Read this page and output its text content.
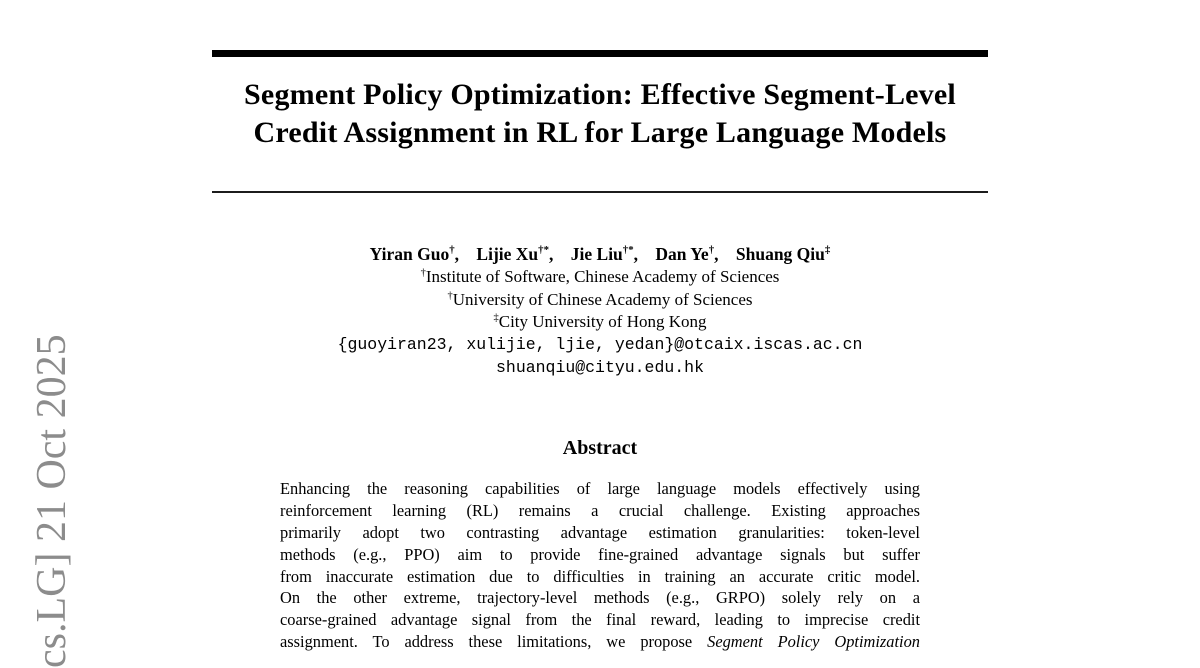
cs.LG] 21 Oct 2025
Segment Policy Optimization: Effective Segment-Level
Credit Assignment in RL for Large Language Models
Yiran Guo†, Lijie Xu†*, Jie Liu†*, Dan Ye†, Shuang Qiu‡
†Institute of Software, Chinese Academy of Sciences
†University of Chinese Academy of Sciences
‡City University of Hong Kong
{guoyiran23, xulijie, ljie, yedan}@otcaix.iscas.ac.cn
shuanqiu@cityu.edu.hk
Abstract
Enhancing the reasoning capabilities of large language models effectively using
reinforcement learning (RL) remains a crucial challenge. Existing approaches
primarily adopt two contrasting advantage estimation granularities: token-level
methods (e.g., PPO) aim to provide fine-grained advantage signals but suffer
from inaccurate estimation due to difficulties in training an accurate critic model.
On the other extreme, trajectory-level methods (e.g., GRPO) solely rely on a
coarse-grained advantage signal from the final reward, leading to imprecise credit
assignment. To address these limitations, we propose Segment Policy Optimization
